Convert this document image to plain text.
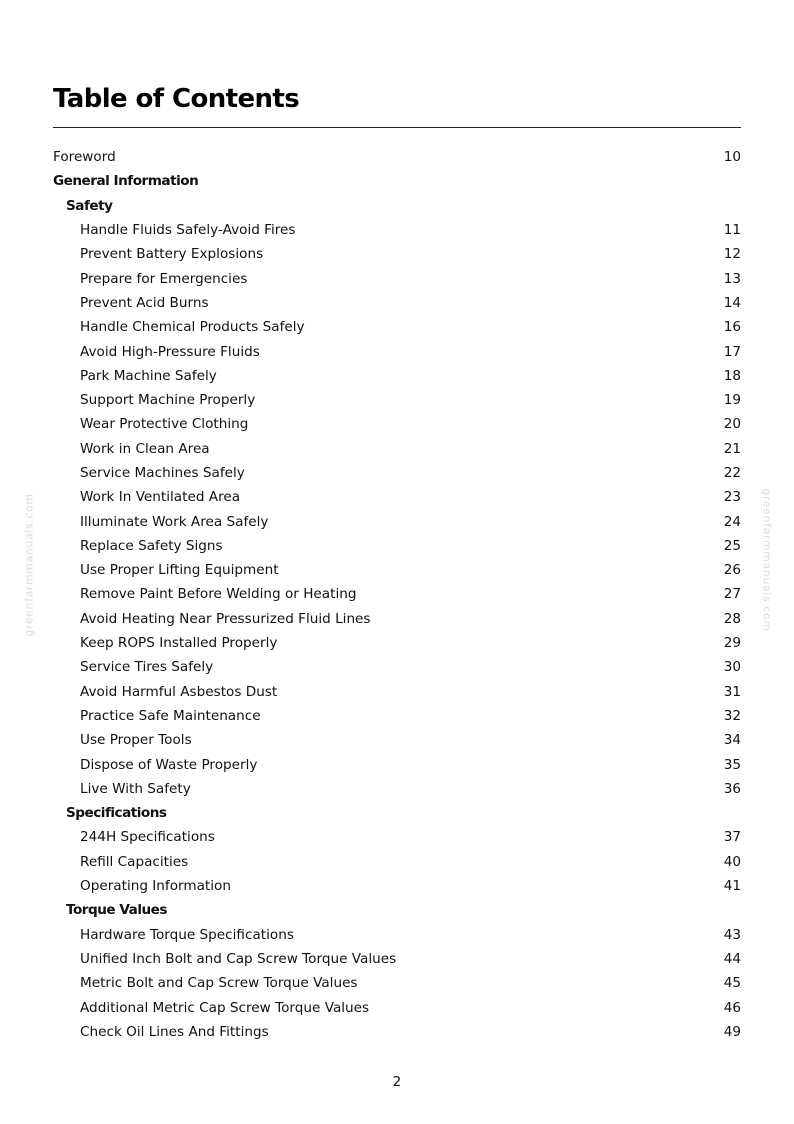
greenfarmmanuals.com	greenfarmmanuals.com
Table of Contents
Foreword	10
General Information
Safety
Handle Fluids Safely-Avoid Fires	11
Prevent Battery Explosions	12
Prepare for Emergencies	13
Prevent Acid Burns	14
Handle Chemical Products Safely	16
Avoid High-Pressure Fluids	17
Park Machine Safely	18
Support Machine Properly	19
Wear Protective Clothing	20
Work in Clean Area	21
Service Machines Safely	22
Work In Ventilated Area	23
Illuminate Work Area Safely	24
Replace Safety Signs	25
Use Proper Lifting Equipment	26
Remove Paint Before Welding or Heating	27
Avoid Heating Near Pressurized Fluid Lines	28
Keep ROPS Installed Properly	29
Service Tires Safely	30
Avoid Harmful Asbestos Dust	31
Practice Safe Maintenance	32
Use Proper Tools	34
Dispose of Waste Properly	35
Live With Safety	36
Specifications
244H Specifications	37
Refill Capacities	40
Operating Information	41
Torque Values
Hardware Torque Specifications	43
Unified Inch Bolt and Cap Screw Torque Values	44
Metric Bolt and Cap Screw Torque Values	45
Additional Metric Cap Screw Torque Values	46
Check Oil Lines And Fittings	49
2
